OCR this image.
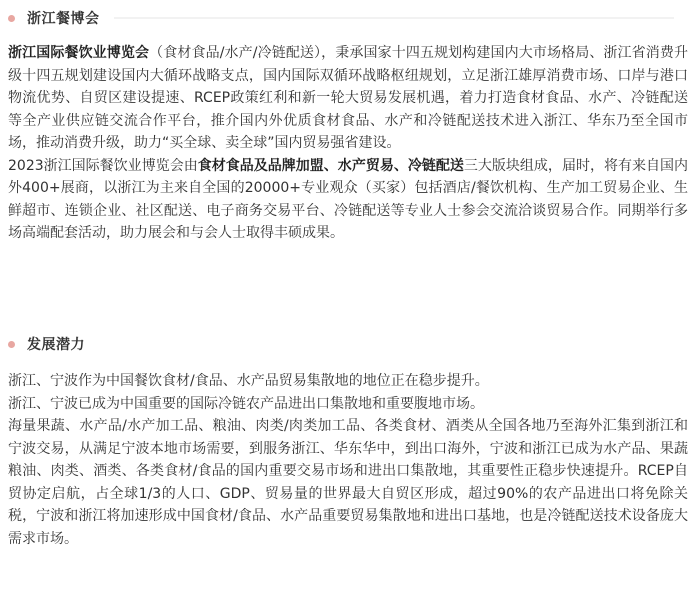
浙江餐博会

浙江国际餐饮业博览会（食材食品/水产/冷链配送），秉承国家十四五规划构建国内大市场格局、浙江省消费升级十四五规划建设国内大循环战略支点，国内国际双循环战略枢纽规划，立足浙江雄厚消费市场、口岸与港口物流优势、自贸区建设提速、RCEP政策红利和新一轮大贸易发展机遇，着力打造食材食品、水产、冷链配送等全产业供应链交流合作平台，推介国内外优质食材食品、水产和冷链配送技术进入浙江、华东乃至全国市场，推动消费升级，助力“买全球、卖全球”国内贸易强省建设。

2023浙江国际餐饮业博览会由食材食品及品牌加盟、水产贸易、冷链配送三大版块组成，届时，将有来自国内外400+展商，以浙江为主来自全国的20000+专业观众（买家）包括酒店/餐饮机构、生产加工贸易企业、生鲜超市、连锁企业、社区配送、电子商务交易平台、冷链配送等专业人士参会交流洽谈贸易合作。同期举行多场高端配套活动，助力展会和与会人士取得丰硕成果。

发展潜力

浙江、宁波作为中国餐饮食材/食品、水产品贸易集散地的地位正在稳步提升。

浙江、宁波已成为中国重要的国际冷链农产品进出口集散地和重要腹地市场。

海量果蔬、水产品/水产加工品、粮油、肉类/肉类加工品、各类食材、酒类从全国各地乃至海外汇集到浙江和宁波交易，从满足宁波本地市场需要，到服务浙江、华东华中，到出口海外，宁波和浙江已成为水产品、果蔬粮油、肉类、酒类、各类食材/食品的国内重要交易市场和进出口集散地，其重要性正稳步快速提升。RCEP自贸协定启航，占全球1/3的人口、GDP、贸易量的世界最大自贸区形成，超过90%的农产品进出口将免除关税，宁波和浙江将加速形成中国食材/食品、水产品重要贸易集散地和进出口基地，也是冷链配送技术设备庞大需求市场。
